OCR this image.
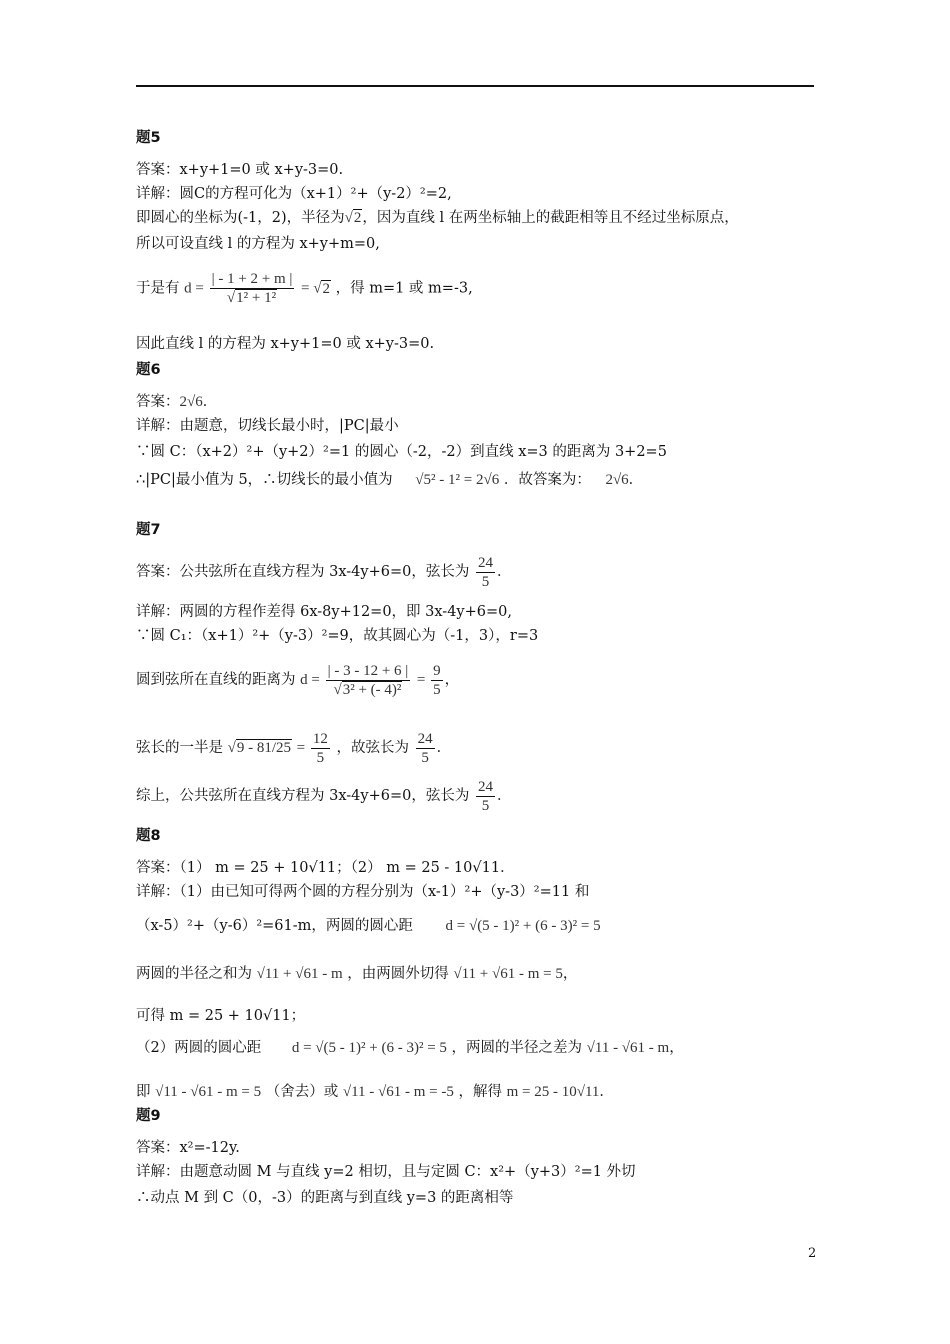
题5
答案：x+y+1=0 或 x+y-3=0.
详解：圆C的方程可化为（x+1）²+（y-2）²=2,
即圆心的坐标为(-1，2)，半径为√2，因为直线 l 在两坐标轴上的截距相等且不经过坐标原点，
所以可设直线 l 的方程为 x+y+m=0,
于是有 $d = \frac{| - 1 + 2 + m |}{\text{√1² + 1²}} = √2$ ，得 m=1 或 m=-3,
因此直线 l 的方程为 x+y+1=0 或 x+y-3=0.
题6
答案：2√6．
详解：由题意，切线长最小时，|PC|最小
∵圆 C：（x+2）²+（y+2）²=1 的圆心（-2，-2）到直线 x=3 的距离为 3+2=5
∴|PC|最小值为 5，∴切线长的最小值为 √5² - 1² = 2√6 ．故答案为： 2√6．
题7
答案：公共弦所在直线方程为 3x-4y+6=0，弦长为 $\frac{24}{5}$ ．
详解：两圆的方程作差得 6x-8y+12=0，即 3x-4y+6=0,
∵圆 C₁：（x+1）²+（y-3）²=9，故其圆心为（-1，3），r=3
圆到弦所在直线的距离为 $d = \frac{| - 3 - 12 + 6 |}{\text{√3² + (- 4)²}} = \frac{9}{5}$ ，
弦长的一半是 $√9 - 81/25 = \frac{12}{5}$ ，故弦长为 $\frac{24}{5}$ ．
综上，公共弦所在直线方程为 3x-4y+6=0，弦长为 $\frac{24}{5}$ ．
题8
答案：（1） m = 25 + 10√11；（2） m = 25 - 10√11．
详解：（1）由已知可得两个圆的方程分别为（x-1）²+（y-3）²=11 和
（x-5）²+（y-6）²=61-m，两圆的圆心距 d = √(5 - 1)² + (6 - 3)² = 5
两圆的半径之和为 √11 + √61 - m ，由两圆外切得 √11 + √61 - m = 5，
可得 m = 25 + 10√11；
（2）两圆的圆心距 d = √(5 - 1)² + (6 - 3)² = 5 ，两圆的半径之差为 √11 - √61 - m，
即 √11 - √61 - m = 5 （舍去）或 √11 - √61 - m = -5 ，解得 m = 25 - 10√11．
题9
答案：x²=-12y.
详解：由题意动圆 M 与直线 y=2 相切，且与定圆 C：x²+（y+3）²=1 外切
∴动点 M 到 C（0，-3）的距离与到直线 y=3 的距离相等
2
